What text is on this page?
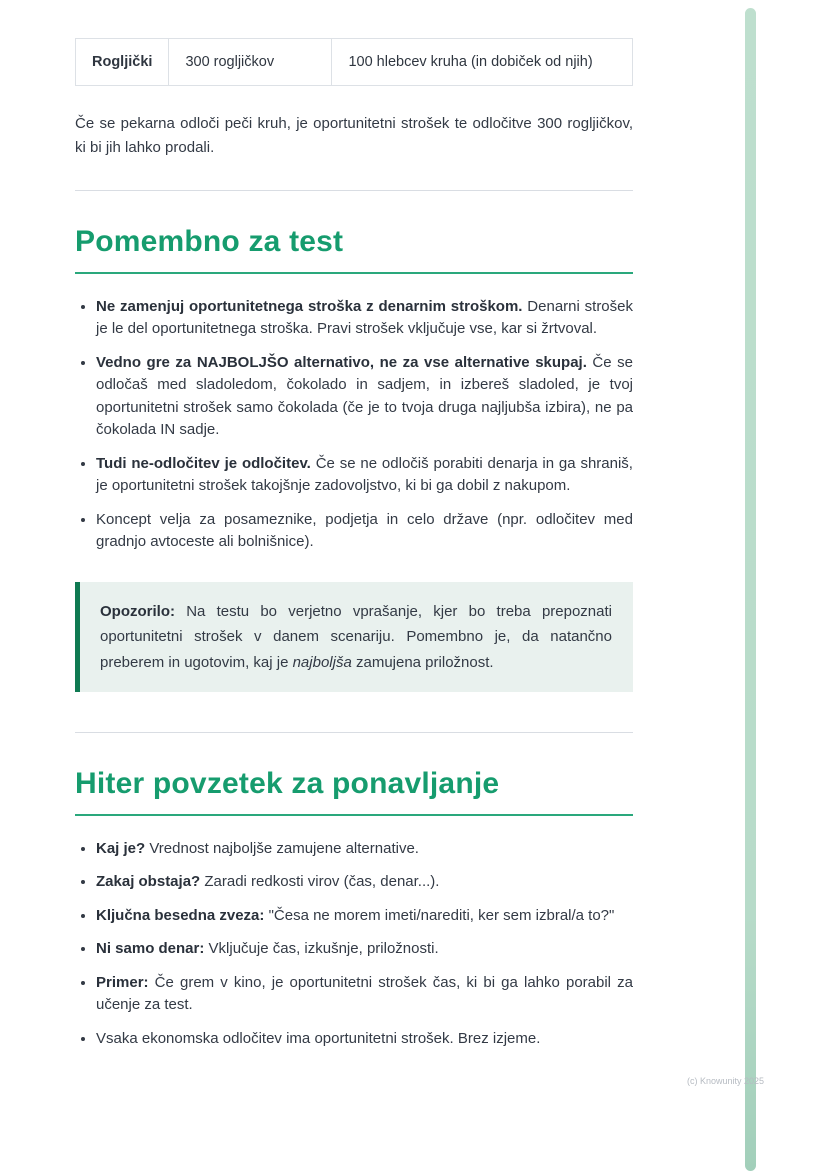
Rogljički	300 rogljičkov	100 hlebcev kruha (in dobiček od njih)

Če se pekarna odloči peči kruh, je oportunitetni strošek te odločitve 300 rogljičkov, ki bi jih lahko prodali.

Pomembno za test
• Ne zamenjuj oportunitetnega stroška z denarnim stroškom. Denarni strošek je le del oportunitetnega stroška. Pravi strošek vključuje vse, kar si žrtvoval.
• Vedno gre za NAJBOLJŠO alternativo, ne za vse alternative skupaj. Če se odločaš med sladoledom, čokolado in sadjem, in izbereš sladoled, je tvoj oportunitetni strošek samo čokolada (če je to tvoja druga najljubša izbira), ne pa čokolada IN sadje.
• Tudi ne-odločitev je odločitev. Če se ne odločiš porabiti denarja in ga shraniš, je oportunitetni strošek takojšnje zadovoljstvo, ki bi ga dobil z nakupom.
• Koncept velja za posameznike, podjetja in celo države (npr. odločitev med gradnjo avtoceste ali bolnišnice).

Opozorilo: Na testu bo verjetno vprašanje, kjer bo treba prepoznati oportunitetni strošek v danem scenariju. Pomembno je, da natančno preberem in ugotovim, kaj je najboljša zamujena priložnost.

Hiter povzetek za ponavljanje
• Kaj je? Vrednost najboljše zamujene alternative.
• Zakaj obstaja? Zaradi redkosti virov (čas, denar...).
• Ključna besedna zveza: "Česa ne morem imeti/narediti, ker sem izbral/a to?"
• Ni samo denar: Vključuje čas, izkušnje, priložnosti.
• Primer: Če grem v kino, je oportunitetni strošek čas, ki bi ga lahko porabil za učenje za test.
• Vsaka ekonomska odločitev ima oportunitetni strošek. Brez izjeme.
(c) Knowunity 2025
